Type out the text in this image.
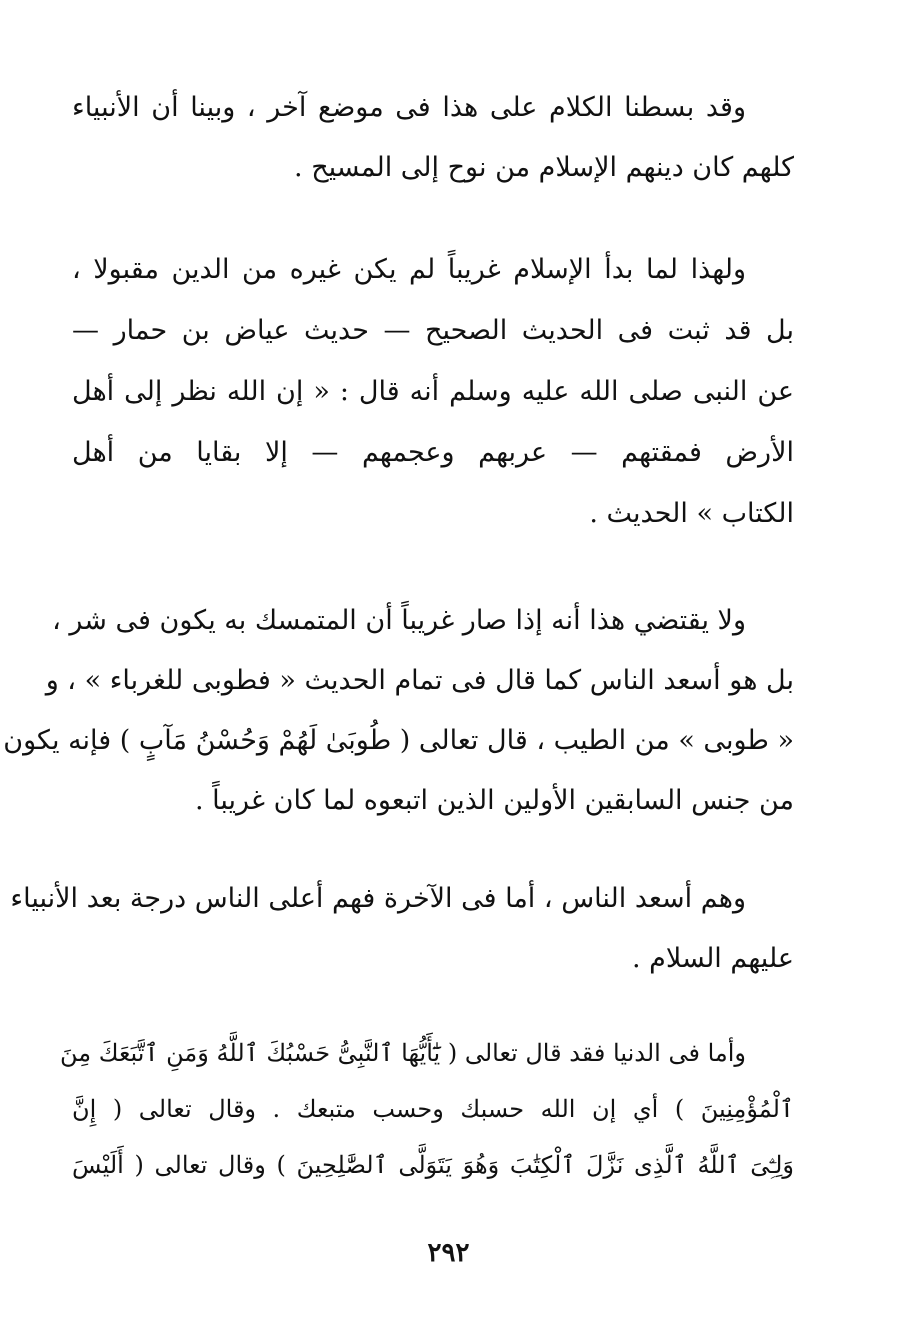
وقد بسطنا الكلام على هذا فى موضع آخر ، وبينا أن الأنبياء
كلهم كان دينهم الإسلام من نوح إلى المسيح .
ولهذا لما بدأ الإسلام غريباً لم يكن غيره من الدين مقبولا ،
بل قد ثبت فى الحديث الصحيح — حديث عياض بن حمار —
عن النبى صلى الله عليه وسلم أنه قال : « إن الله نظر إلى أهل
الأرض فمقتهم — عربهم وعجمهم — إلا بقايا من أهل
الكتاب » الحديث .
ولا يقتضي هذا أنه إذا صار غريباً أن المتمسك به يكون فى شر ،
بل هو أسعد الناس كما قال فى تمام الحديث « فطوبى للغرباء » ، و
« طوبى » من الطيب ، قال تعالى ( طُوبَىٰ لَهُمْ وَحُسْنُ مَآبٍ ) فإنه يكون
من جنس السابقين الأولين الذين اتبعوه لما كان غريباً .
وهم أسعد الناس ، أما فى الآخرة فهم أعلى الناس درجة بعد الأنبياء
عليهم السلام .
وأما فى الدنيا فقد قال تعالى ( يَٰٓأَيُّهَا ٱلنَّبِىُّ حَسْبُكَ ٱللَّهُ وَمَنِ ٱتَّبَعَكَ مِنَ
ٱلْمُؤْمِنِينَ ) أي إن الله حسبك وحسب متبعك . وقال تعالى ( إِنَّ
وَلِـِّۧىَ ٱللَّهُ ٱلَّذِى نَزَّلَ ٱلْكِتَٰبَ وَهُوَ يَتَوَلَّى ٱلصَّٰلِحِينَ ) وقال تعالى ( أَلَيْسَ
٢٩٢
